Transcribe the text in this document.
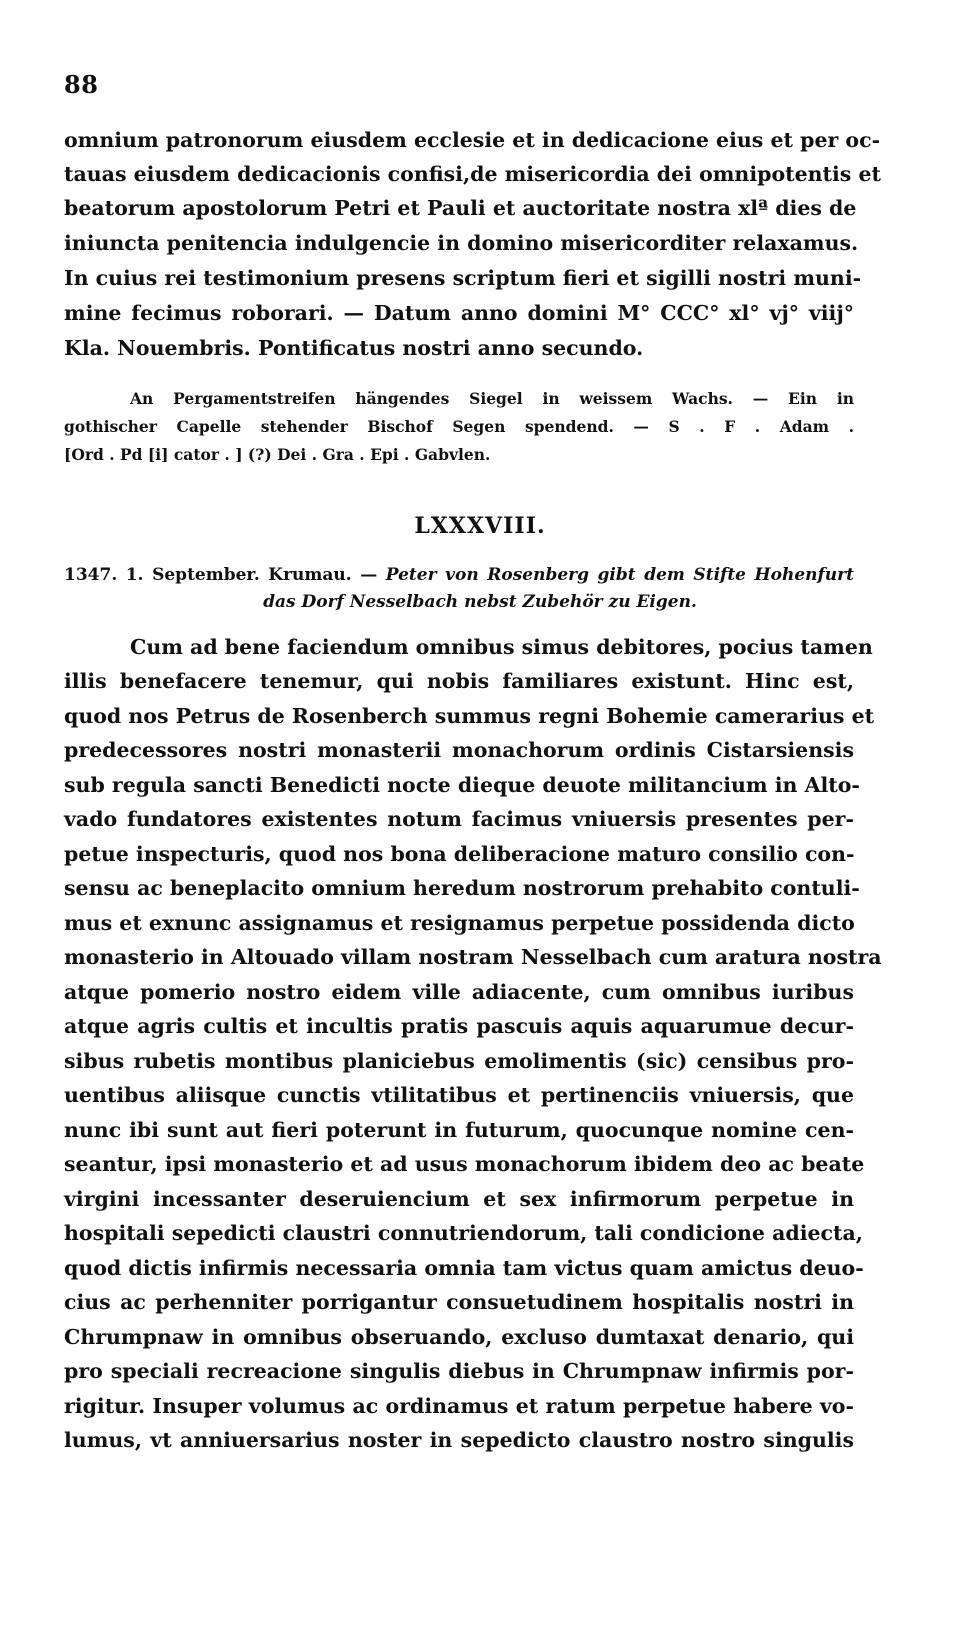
88
omnium patronorum eiusdem ecclesie et in dedicacione eius et per oc-
tauas eiusdem dedicacionis confisi,de misericordia dei omnipotentis et
beatorum apostolorum Petri et Pauli et auctoritate nostra xlª dies de
iniuncta penitencia indulgencie in domino misericorditer relaxamus.
In cuius rei testimonium presens scriptum fieri et sigilli nostri muni-
mine fecimus roborari. — Datum anno domini M° CCC° xl° vj° viij°
Kla. Nouembris. Pontificatus nostri anno secundo.
An Pergamentstreifen hängendes Siegel in weissem Wachs. — Ein in
gothischer Capelle stehender Bischof Segen spendend. — S . F . Adam .
[Ord . Pd [i] cator . ] (?) Dei . Gra . Epi . Gabvlen.
LXXXVIII.
1347. 1. September. Krumau. — Peter von Rosenberg gibt dem Stifte Hohenfurt
das Dorf Nesselbach nebst Zubehör zu Eigen.
Cum ad bene faciendum omnibus simus debitores, pocius tamen
illis benefacere tenemur, qui nobis familiares existunt. Hinc est,
quod nos Petrus de Rosenberch summus regni Bohemie camerarius et
predecessores nostri monasterii monachorum ordinis Cistarsiensis
sub regula sancti Benedicti nocte dieque deuote militancium in Alto-
vado fundatores existentes notum facimus vniuersis presentes per-
petue inspecturis, quod nos bona deliberacione maturo consilio con-
sensu ac beneplacito omnium heredum nostrorum prehabito contuli-
mus et exnunc assignamus et resignamus perpetue possidenda dicto
monasterio in Altouado villam nostram Nesselbach cum aratura nostra
atque pomerio nostro eidem ville adiacente, cum omnibus iuribus
atque agris cultis et incultis pratis pascuis aquis aquarumue decur-
sibus rubetis montibus planiciebus emolimentis (sic) censibus pro-
uentibus aliisque cunctis vtilitatibus et pertinenciis vniuersis, que
nunc ibi sunt aut fieri poterunt in futurum, quocunque nomine cen-
seantur, ipsi monasterio et ad usus monachorum ibidem deo ac beate
virgini incessanter deseruiencium et sex infirmorum perpetue in
hospitali sepedicti claustri connutriendorum, tali condicione adiecta,
quod dictis infirmis necessaria omnia tam victus quam amictus deuo-
cius ac perhenniter porrigantur consuetudinem hospitalis nostri in
Chrumpnaw in omnibus obseruando, excluso dumtaxat denario, qui
pro speciali recreacione singulis diebus in Chrumpnaw infirmis por-
rigitur. Insuper volumus ac ordinamus et ratum perpetue habere vo-
lumus, vt anniuersarius noster in sepedicto claustro nostro singulis
